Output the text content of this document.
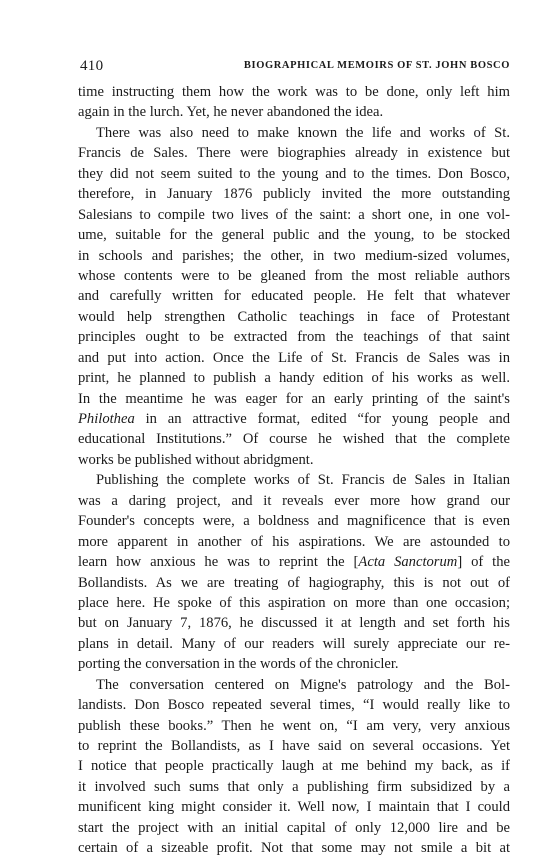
410	BIOGRAPHICAL MEMOIRS OF ST. JOHN BOSCO
time instructing them how the work was to be done, only left him
again in the lurch. Yet, he never abandoned the idea.
There was also need to make known the life and works of St.
Francis de Sales. There were biographies already in existence but
they did not seem suited to the young and to the times. Don Bosco,
therefore, in January 1876 publicly invited the more outstanding
Salesians to compile two lives of the saint: a short one, in one vol-
ume, suitable for the general public and the young, to be stocked
in schools and parishes; the other, in two medium-sized volumes,
whose contents were to be gleaned from the most reliable authors
and carefully written for educated people. He felt that whatever
would help strengthen Catholic teachings in face of Protestant
principles ought to be extracted from the teachings of that saint
and put into action. Once the Life of St. Francis de Sales was in
print, he planned to publish a handy edition of his works as well.
In the meantime he was eager for an early printing of the saint's
Philothea in an attractive format, edited “for young people and
educational Institutions.” Of course he wished that the complete
works be published without abridgment.
Publishing the complete works of St. Francis de Sales in Italian
was a daring project, and it reveals ever more how grand our
Founder's concepts were, a boldness and magnificence that is even
more apparent in another of his aspirations. We are astounded to
learn how anxious he was to reprint the [Acta Sanctorum] of the
Bollandists. As we are treating of hagiography, this is not out of
place here. He spoke of this aspiration on more than one occasion;
but on January 7, 1876, he discussed it at length and set forth his
plans in detail. Many of our readers will surely appreciate our re-
porting the conversation in the words of the chronicler.
The conversation centered on Migne's patrology and the Bol-
landists. Don Bosco repeated several times, “I would really like to
publish these books.” Then he went on, “I am very, very anxious
to reprint the Bollandists, as I have said on several occasions. Yet
I notice that people practically laugh at me behind my back, as if
it involved such sums that only a publishing firm subsidized by a
munificent king might consider it. Well now, I maintain that I could
start the project with an initial capital of only 12,000 lire and be
certain of a sizeable profit. Not that some may not smile a bit at
